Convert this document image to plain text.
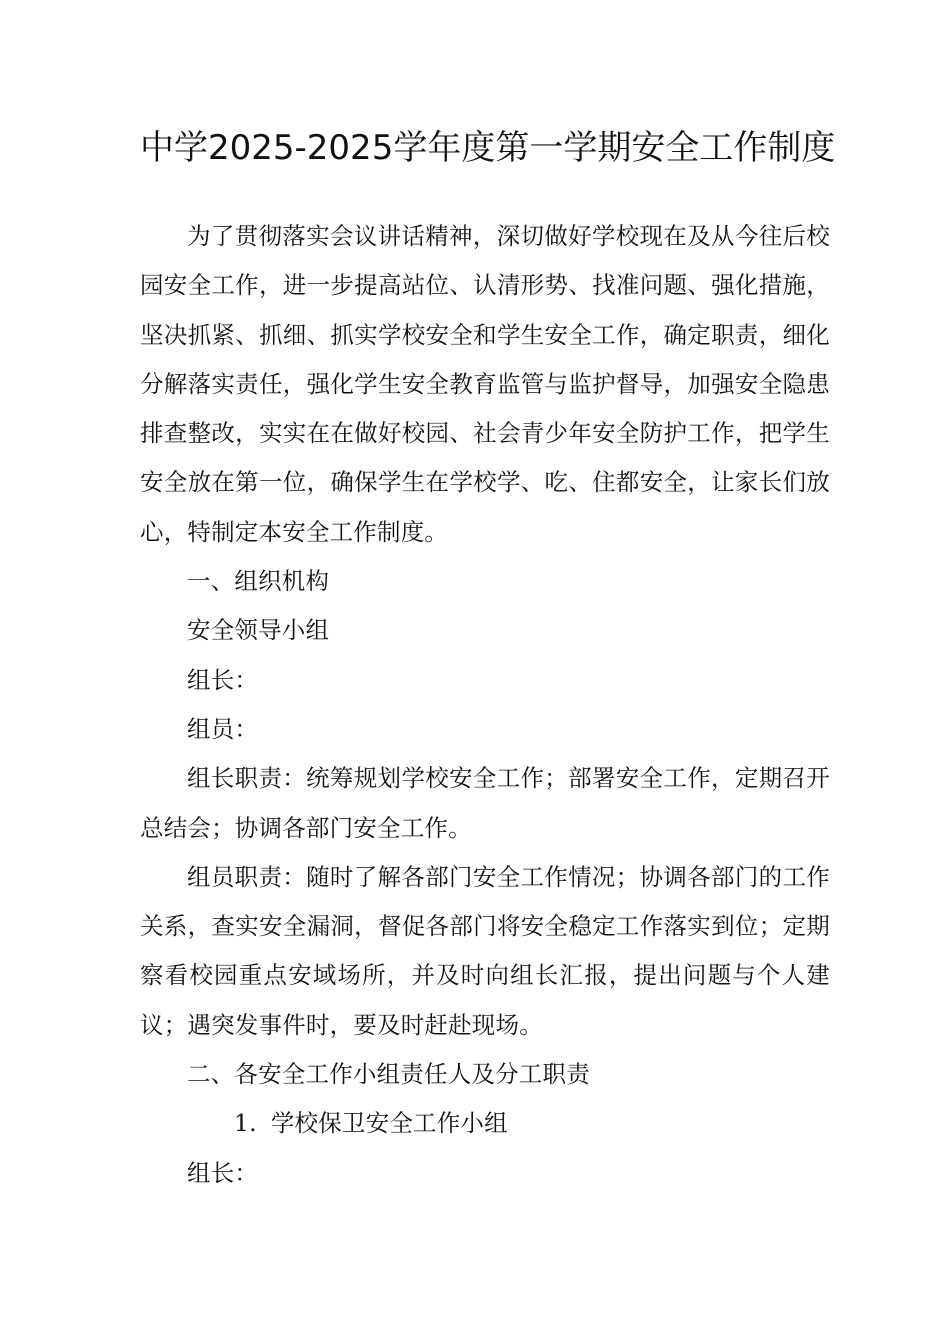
中学2025-2025学年度第一学期安全工作制度

为了贯彻落实会议讲话精神，深切做好学校现在及从今往后校园安全工作，进一步提高站位、认清形势、找准问题、强化措施，坚决抓紧、抓细、抓实学校安全和学生安全工作，确定职责，细化分解落实责任，强化学生安全教育监管与监护督导，加强安全隐患排查整改，实实在在做好校园、社会青少年安全防护工作，把学生安全放在第一位，确保学生在学校学、吃、住都安全，让家长们放心，特制定本安全工作制度。

一、组织机构

安全领导小组

组长：

组员：

组长职责：统筹规划学校安全工作；部署安全工作，定期召开总结会；协调各部门安全工作。

组员职责：随时了解各部门安全工作情况；协调各部门的工作关系，查实安全漏洞，督促各部门将安全稳定工作落实到位；定期察看校园重点安域场所，并及时向组长汇报，提出问题与个人建议；遇突发事件时，要及时赶赴现场。

二、各安全工作小组责任人及分工职责

1. 学校保卫安全工作小组

组长：
